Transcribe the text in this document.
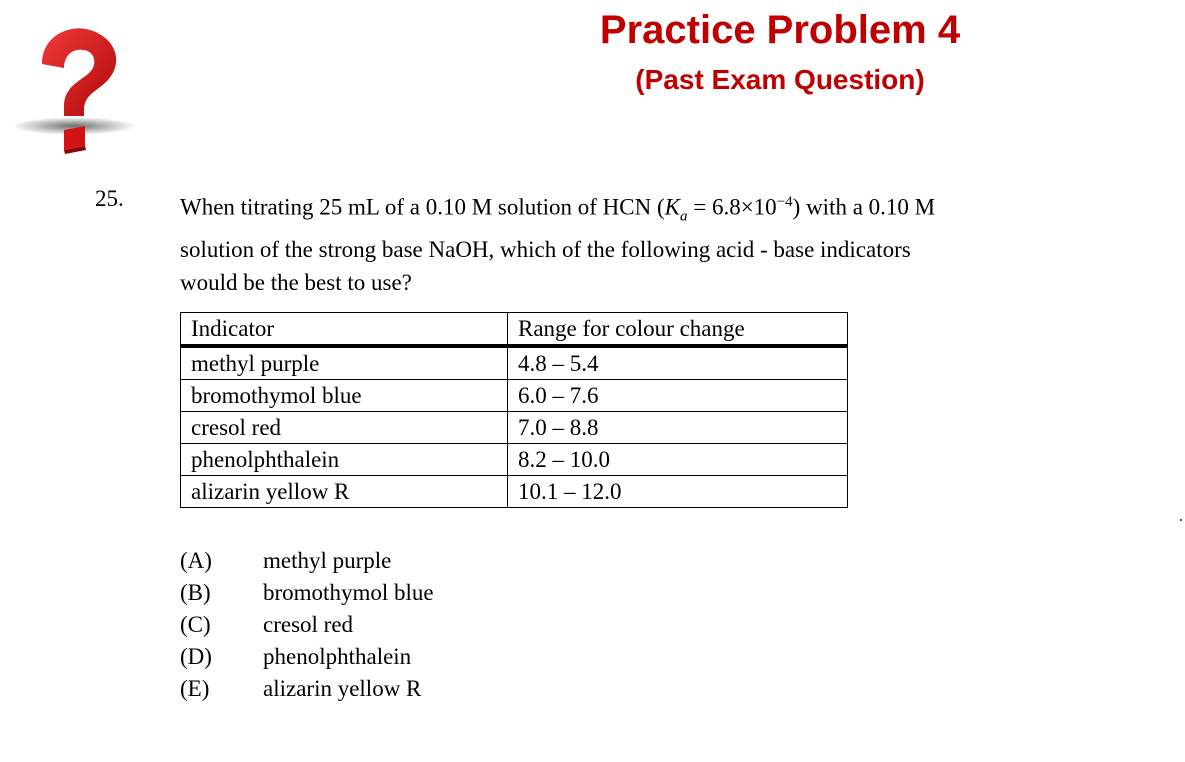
Practice Problem 4
(Past Exam Question)
25. When titrating 25 mL of a 0.10 M solution of HCN $(K_a = 6.8\times 10^{-4})$ with a 0.10 M
solution of the strong base NaOH, which of the following acid - base indicators
would be the best to use?
Indicator	Range for colour change
methyl purple	4.8 – 5.4
bromothymol blue	6.0 – 7.6
cresol red	7.0 – 8.8
phenolphthalein	8.2 – 10.0
alizarin yellow R	10.1 – 12.0
(A)	methyl purple
(B)	bromothymol blue
(C)	cresol red
(D)	phenolphthalein
(E)	alizarin yellow R
